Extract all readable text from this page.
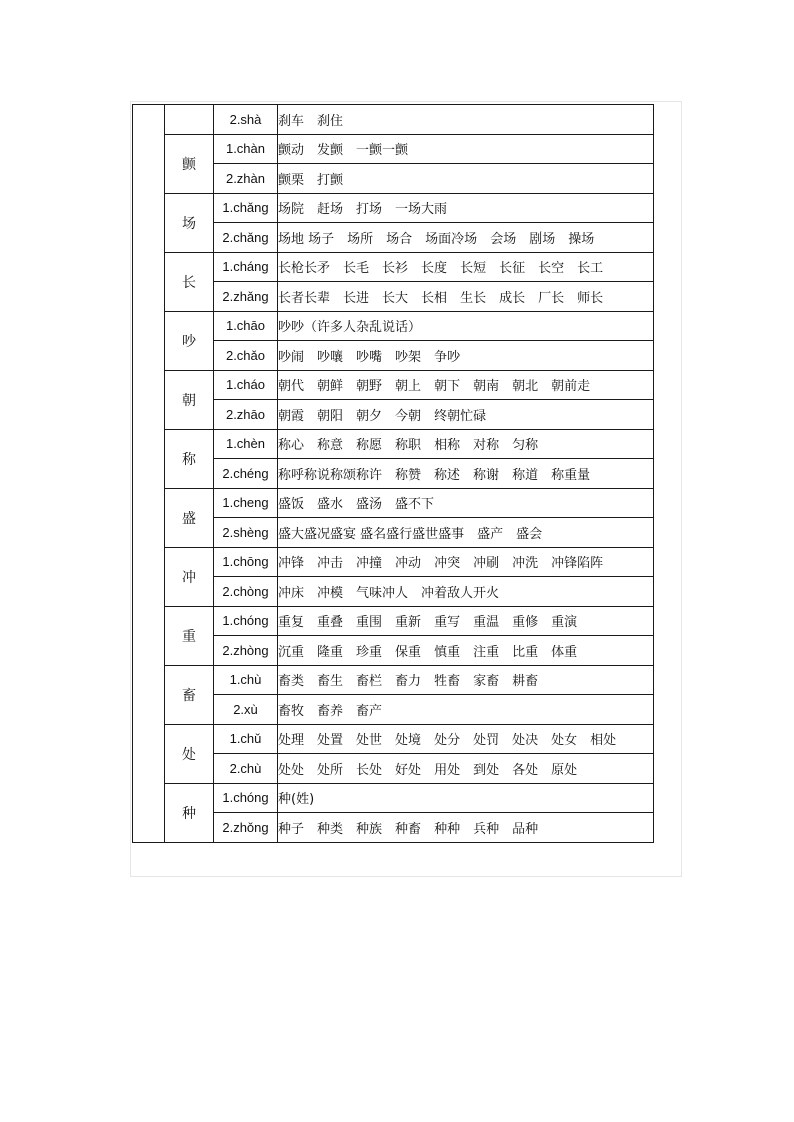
		2.shà	刹车 刹住
	颤	1.chàn	颤动 发颤 一颤一颤
		2.zhàn	颤栗 打颤
	场	1.chǎng	场院 赶场 打场 一场大雨
		2.chǎng	场地 场子 场所 场合 场面冷场 会场 剧场 操场
	长	1.cháng	长枪长矛 长毛 长衫 长度 长短 长征 长空 长工
		2.zhǎng	长者长辈 长进 长大 长相 生长 成长 厂长 师长
	吵	1.chāo	吵吵（许多人杂乱说话）
		2.chǎo	吵闹 吵嚷 吵嘴 吵架 争吵
	朝	1.cháo	朝代 朝鲜 朝野 朝上 朝下 朝南 朝北 朝前走
		2.zhāo	朝霞 朝阳 朝夕 今朝 终朝忙碌
	称	1.chèn	称心 称意 称愿 称职 相称 对称 匀称
		2.chéng	称呼称说称颂称许 称赞 称述 称谢 称道 称重量
	盛	1.cheng	盛饭 盛水 盛汤 盛不下
		2.shèng	盛大盛况盛宴 盛名盛行盛世盛事 盛产 盛会
	冲	1.chōng	冲锋 冲击 冲撞 冲动 冲突 冲刷 冲洗 冲锋陷阵
		2.chòng	冲床 冲模 气味冲人 冲着敌人开火
	重	1.chóng	重复 重叠 重围 重新 重写 重温 重修 重演
		2.zhòng	沉重 隆重 珍重 保重 慎重 注重 比重 体重
	畜	1.chù	畜类 畜生 畜栏 畜力 牲畜 家畜 耕畜
		2.xù	畜牧 畜养 畜产
	处	1.chǔ	处理 处置 处世 处境 处分 处罚 处决 处女 相处
		2.chù	处处 处所 长处 好处 用处 到处 各处 原处
	种	1.chóng	种(姓)
		2.zhǒng	种子 种类 种族 种畜 种种 兵种 品种
